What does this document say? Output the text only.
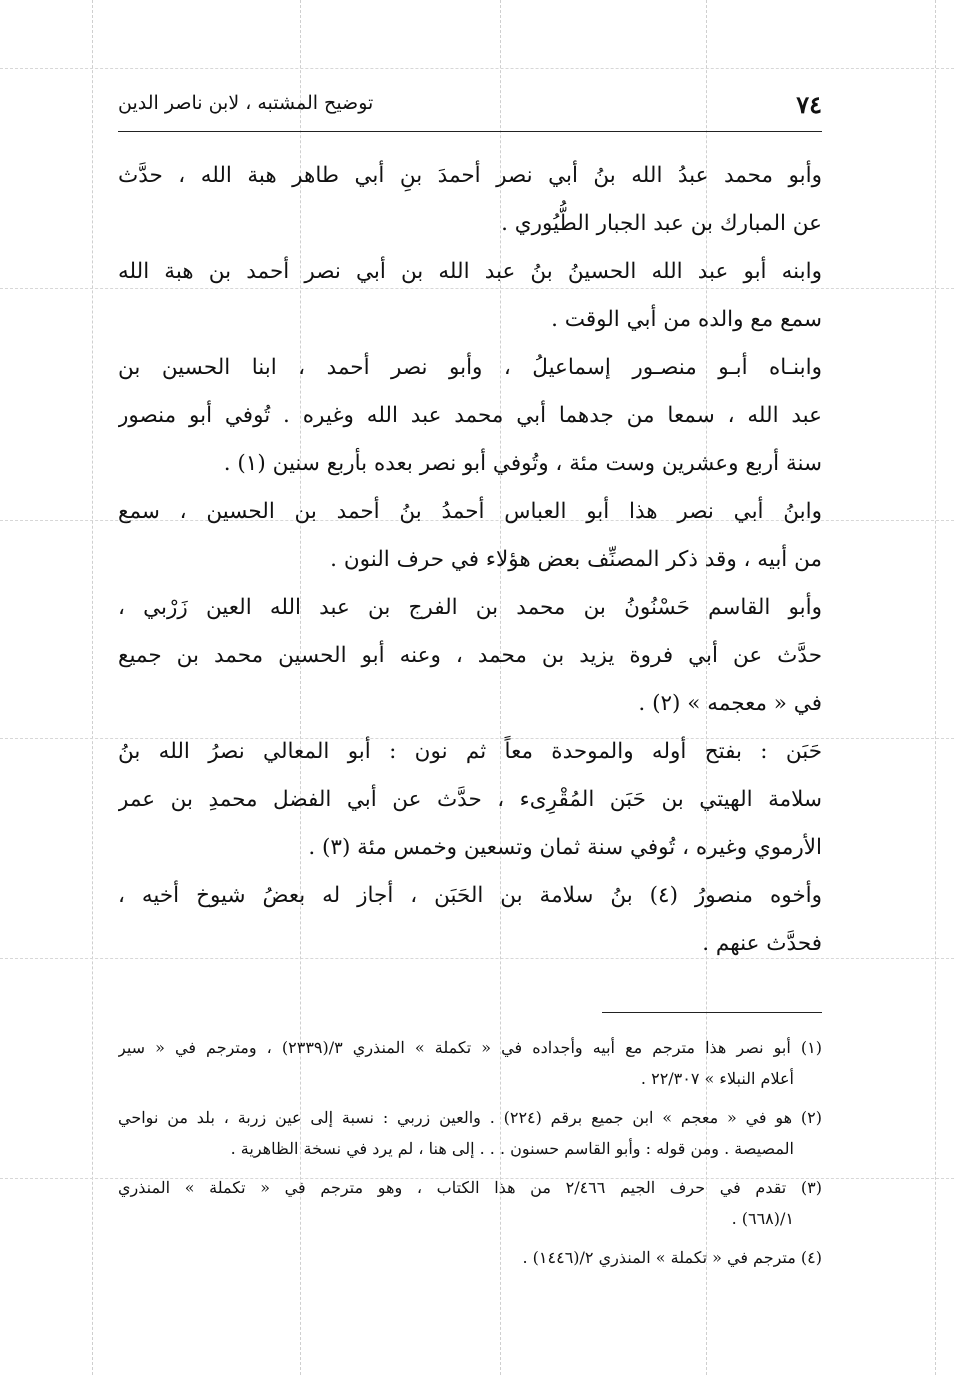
٧٤
توضيح المشتبه ، لابن ناصر الدين
وأبو محمد عبدُ الله بنُ أبي نصر أحمدَ بنِ أبي طاهر هبة الله ، حدَّث
عن المبارك بن عبد الجبار الطُّيُوري .
وابنه أبو عبد الله الحسينُ بنُ عبد الله بن أبي نصر أحمد بن هبة الله
سمع مع والده من أبي الوقت .
وابنـاه أبـو منصـور إسماعيلُ ، وأبو نصر أحمد ، ابنا الحسين بن
عبد الله ، سمعا من جدهما أبي محمد عبد الله وغيره . تُوفي أبو منصور
سنة أربع وعشرين وست مئة ، وتُوفي أبو نصر بعده بأربع سنين (١) .
وابنُ أبي نصر هذا أبو العباس أحمدُ بنُ أحمد بن الحسين ، سمع
من أبيه ، وقد ذكر المصنِّف بعض هؤلاء في حرف النون .
وأبو القاسم حَسْنُونُ بن محمد بن الفرج بن عبد الله العين زَرْبي ،
حدَّث عن أبي فروة يزيد بن محمد ، وعنه أبو الحسين محمد بن جميع
في « معجمه » (٢) .
حَبَن : بفتح أوله والموحدة معاً ثم نون : أبو المعالي نصرُ الله بنُ
سلامة الهيتي بن حَبَن المُقْرِىء ، حدَّث عن أبي الفضل محمدِ بن عمر
الأرموي وغيره ، تُوفي سنة ثمان وتسعين وخمس مئة (٣) .
وأخوه منصورُ (٤) بنُ سلامة بن الحَبَن ، أجاز له بعضُ شيوخ أخيه ،
فحدَّث عنهم .
(١) أبو نصر هذا مترجم مع أبيه وأجداده في « تكملة » المنذري ٣/(٢٣٣٩) ، ومترجم في « سير
أعلام النبلاء » ٢٢/٣٠٧ .
(٢) هو في « معجم » ابن جميع برقم (٢٢٤) . والعين زربي : نسبة إلى عين زربة ، بلد من نواحي
المصيصة . ومن قوله : وأبو القاسم حسنون . . . إلى هنا ، لم يرد في نسخة الظاهرية .
(٣) تقدم في حرف الجيم ٢/٤٦٦ من هذا الكتاب ، وهو مترجم في « تكملة » المنذري
١/(٦٦٨) .
(٤) مترجم في « تكملة » المنذري ٢/(١٤٤٦) .
